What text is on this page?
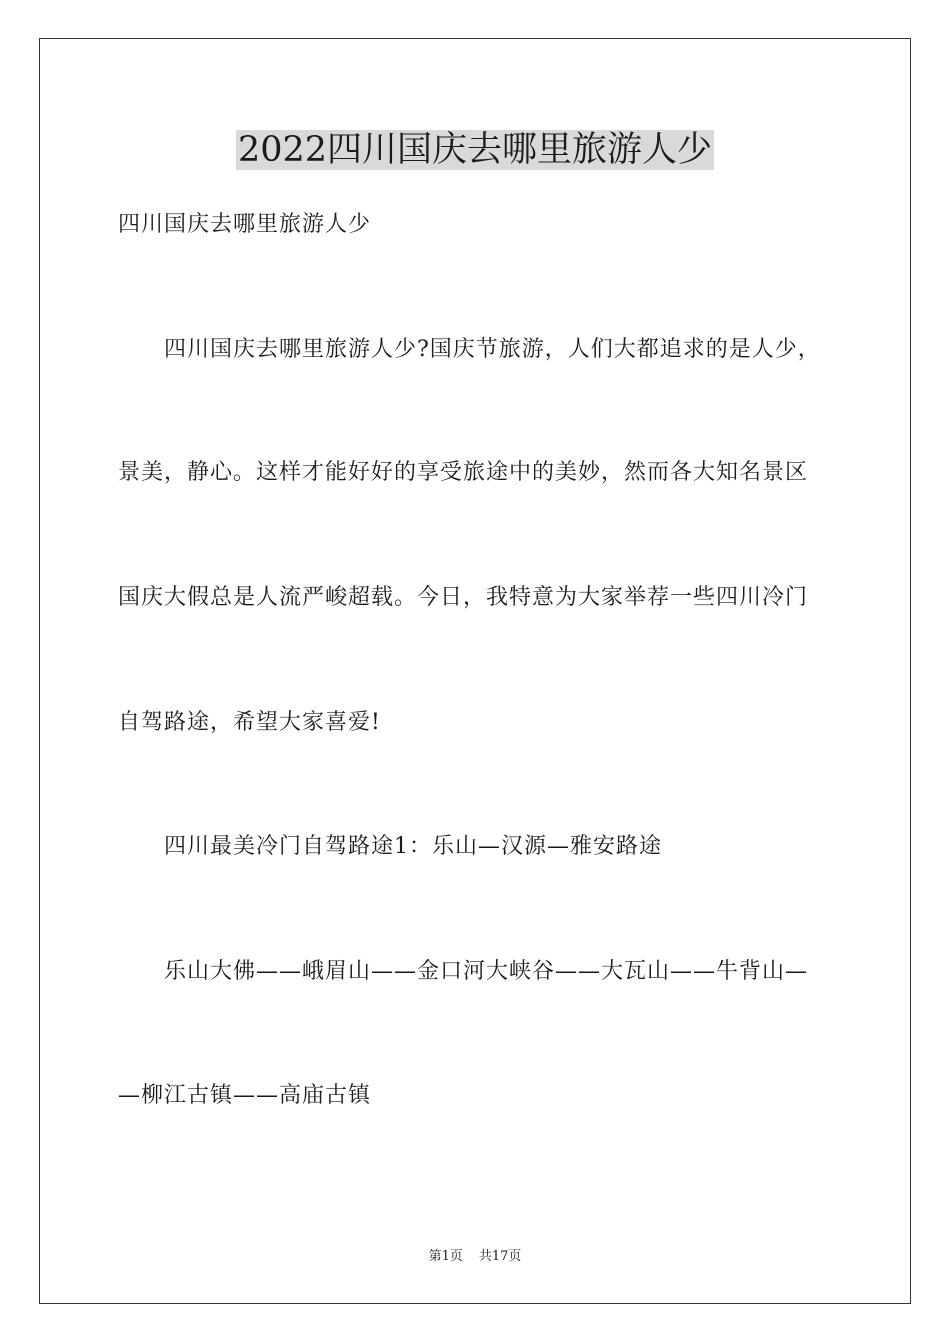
2022四川国庆去哪里旅游人少

四川国庆去哪里旅游人少

四川国庆去哪里旅游人少?国庆节旅游，人们大都追求的是人少，

景美，静心。这样才能好好的享受旅途中的美妙，然而各大知名景区

国庆大假总是人流严峻超载。今日，我特意为大家举荐一些四川冷门

自驾路途，希望大家喜爱!

四川最美冷门自驾路途1：乐山—汉源—雅安路途

乐山大佛——峨眉山——金口河大峡谷——大瓦山——牛背山—

—柳江古镇——高庙古镇

第1页 共17页
